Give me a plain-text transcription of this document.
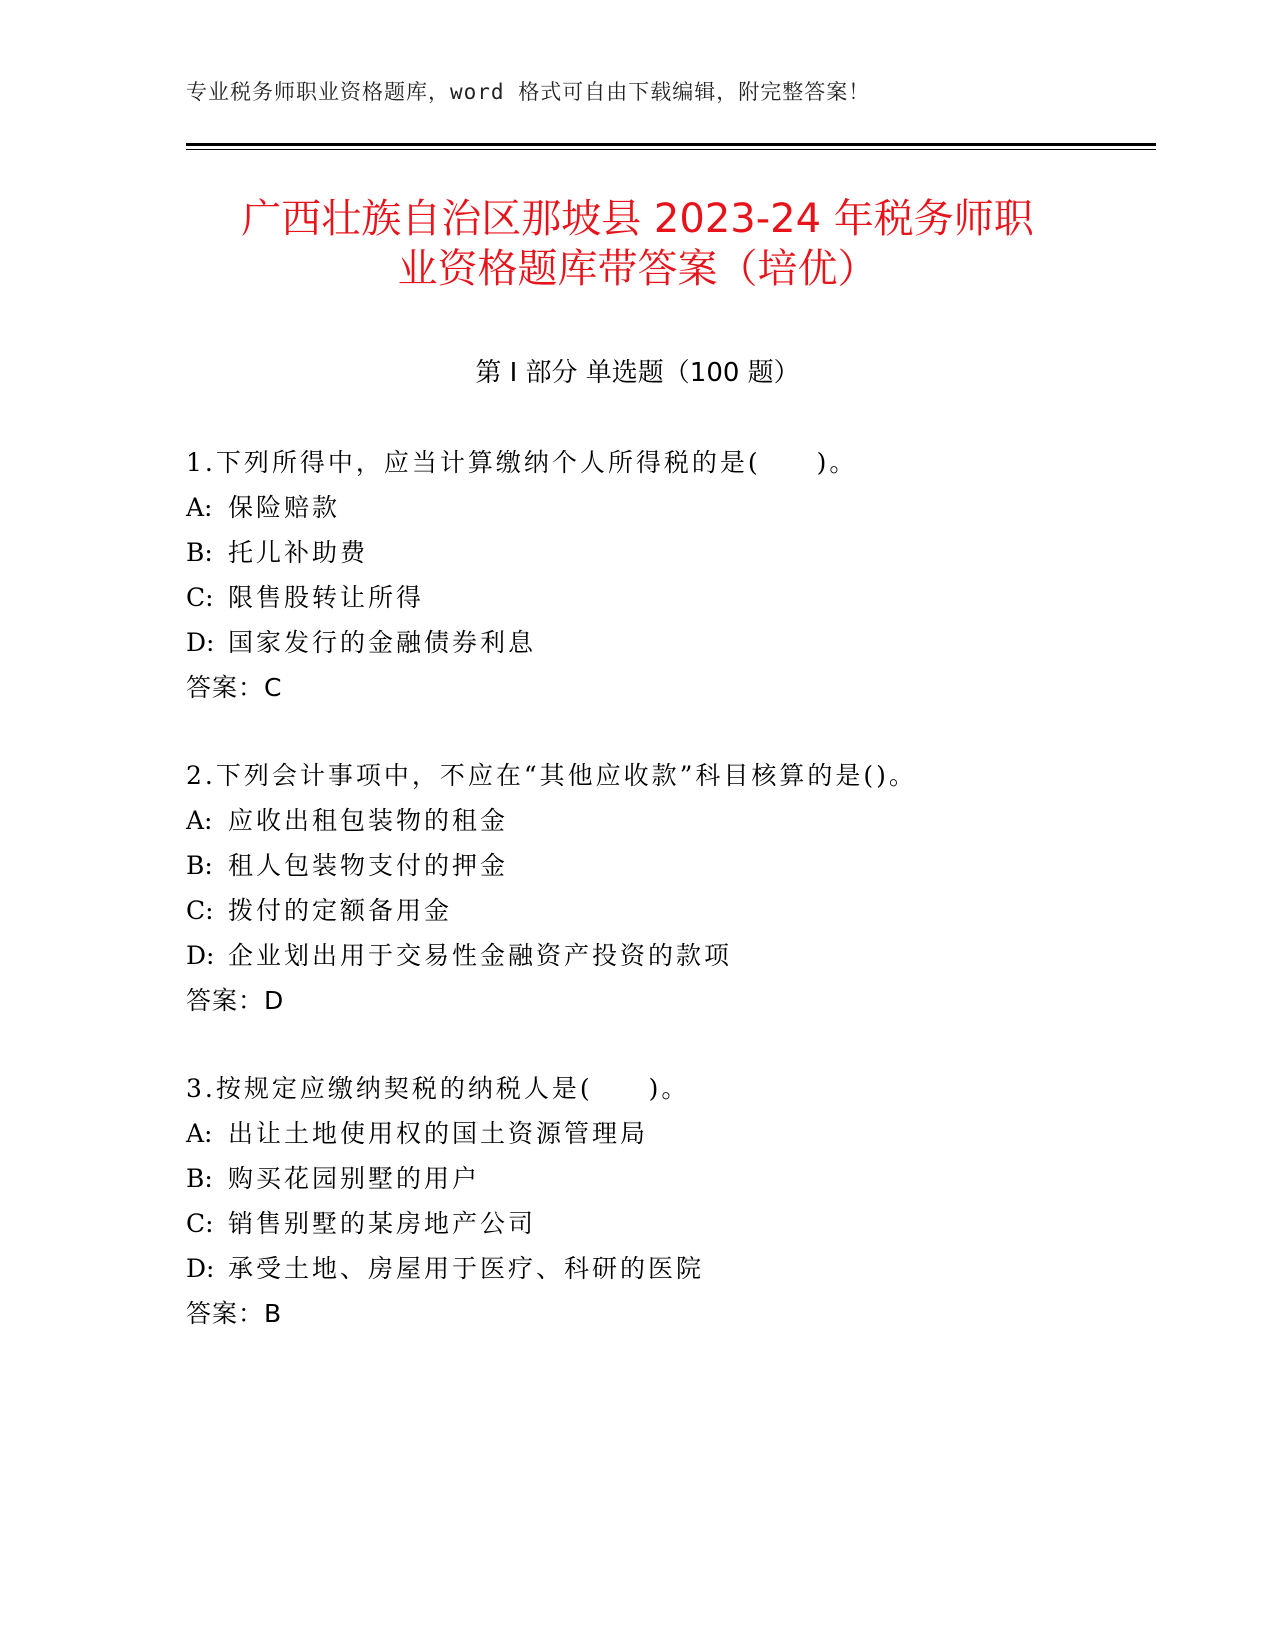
专业税务师职业资格题库，word 格式可自由下载编辑，附完整答案！
广西壮族自治区那坡县 2023-24 年税务师职
业资格题库带答案（培优）
第 I 部分 单选题（100 题）
1.下列所得中，应当计算缴纳个人所得税的是(　　)。
A: 保险赔款
B: 托儿补助费
C: 限售股转让所得
D: 国家发行的金融债券利息
答案：C
2.下列会计事项中，不应在“其他应收款”科目核算的是()。
A: 应收出租包装物的租金
B: 租人包装物支付的押金
C: 拨付的定额备用金
D: 企业划出用于交易性金融资产投资的款项
答案：D
3.按规定应缴纳契税的纳税人是(　　)。
A: 出让土地使用权的国土资源管理局
B: 购买花园别墅的用户
C: 销售别墅的某房地产公司
D: 承受土地、房屋用于医疗、科研的医院
答案：B
